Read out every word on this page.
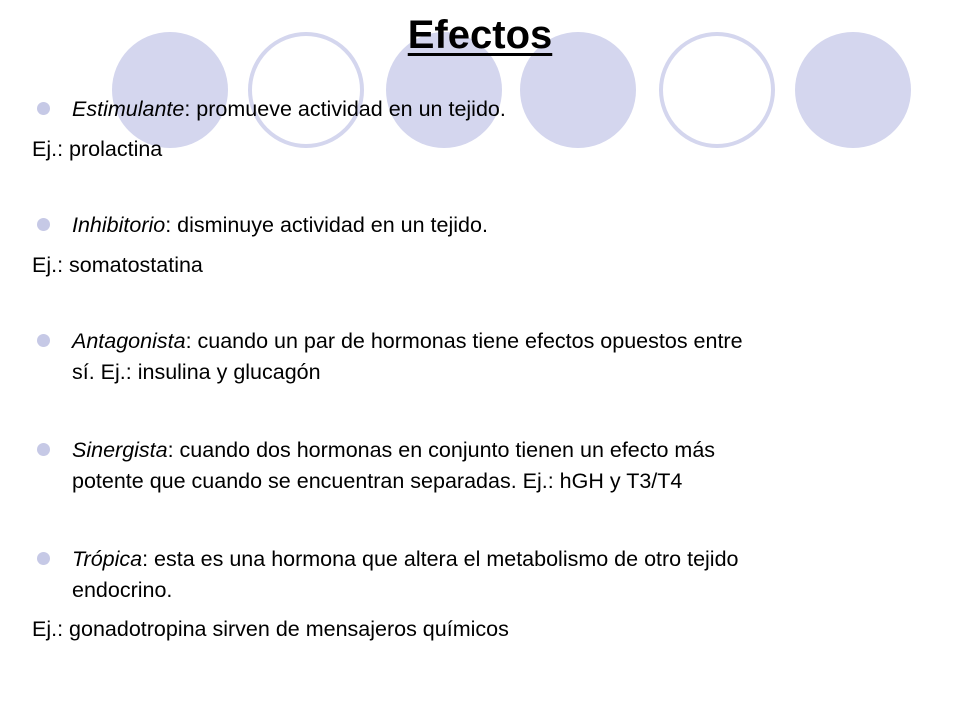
Efectos
Estimulante: promueve actividad en un tejido.
Ej.: prolactina
Inhibitorio: disminuye actividad en un tejido.
Ej.: somatostatina
Antagonista: cuando un par de hormonas tiene efectos opuestos entre
sí. Ej.: insulina y glucagón
Sinergista: cuando dos hormonas en conjunto tienen un efecto más
potente que cuando se encuentran separadas. Ej.: hGH y T3/T4
Trópica: esta es una hormona que altera el metabolismo de otro tejido
endocrino.
Ej.: gonadotropina sirven de mensajeros químicos
